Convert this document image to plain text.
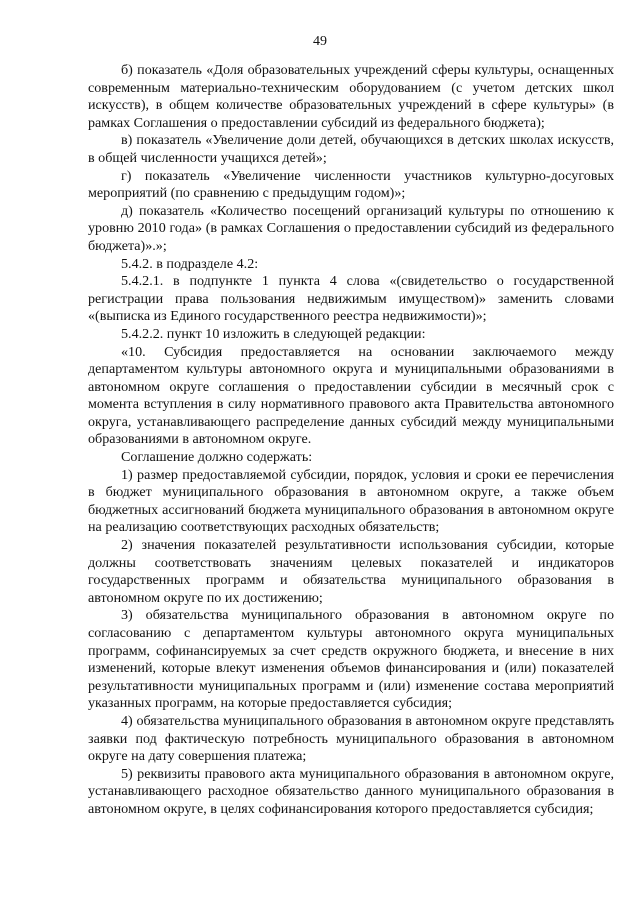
49

б) показатель «Доля образовательных учреждений сферы культуры, оснащенных современным материально-техническим оборудованием (с учетом детских школ искусств), в общем количестве образовательных учреждений в сфере культуры» (в рамках Соглашения о предоставлении субсидий из федерального бюджета);

в) показатель «Увеличение доли детей, обучающихся в детских школах искусств, в общей численности учащихся детей»;

г) показатель «Увеличение численности участников культурно-досуговых мероприятий (по сравнению с предыдущим годом)»;

д) показатель «Количество посещений организаций культуры по отношению к уровню 2010 года» (в рамках Соглашения о предоставлении субсидий из федерального бюджета)».»;

5.4.2. в подразделе 4.2:

5.4.2.1. в подпункте 1 пункта 4 слова «(свидетельство о государственной регистрации права пользования недвижимым имуществом)» заменить словами «(выписка из Единого государственного реестра недвижимости)»;

5.4.2.2. пункт 10 изложить в следующей редакции:

«10. Субсидия предоставляется на основании заключаемого между департаментом культуры автономного округа и муниципальными образованиями в автономном округе соглашения о предоставлении субсидии в месячный срок с момента вступления в силу нормативного правового акта Правительства автономного округа, устанавливающего распределение данных субсидий между муниципальными образованиями в автономном округе.

Соглашение должно содержать:

1) размер предоставляемой субсидии, порядок, условия и сроки ее перечисления в бюджет муниципального образования в автономном округе, а также объем бюджетных ассигнований бюджета муниципального образования в автономном округе на реализацию соответствующих расходных обязательств;

2) значения показателей результативности использования субсидии, которые должны соответствовать значениям целевых показателей и индикаторов государственных программ и обязательства муниципального образования в автономном округе по их достижению;

3) обязательства муниципального образования в автономном округе по согласованию с департаментом культуры автономного округа муниципальных программ, софинансируемых за счет средств окружного бюджета, и внесение в них изменений, которые влекут изменения объемов финансирования и (или) показателей результативности муниципальных программ и (или) изменение состава мероприятий указанных программ, на которые предоставляется субсидия;

4) обязательства муниципального образования в автономном округе представлять заявки под фактическую потребность муниципального образования в автономном округе на дату совершения платежа;

5) реквизиты правового акта муниципального образования в автономном округе, устанавливающего расходное обязательство данного муниципального образования в автономном округе, в целях софинансирования которого предоставляется субсидия;
